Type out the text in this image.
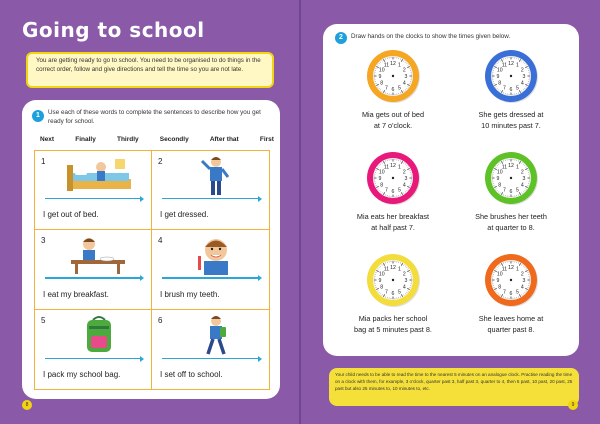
Going to school
You are getting ready to go to school. You need to be organised to do things in the correct order, follow and give directions and tell the time so you are not late.
1	Use each of these words to complete the sentences to describe how you get ready for school.
Next	Finally	Thirdly	Secondly	After that	First
1
I get out of bed.
2
I get dressed.
3
I eat my breakfast.
4
I brush my teeth.
5
I pack my school bag.
6
I set off to school.
8
2	Draw hands on the clocks to show the times given below.
1
2
3
4
5
6
7
8
9
10
11 12
Mia gets out of bed
at 7 o'clock.
1
2
3
4
5
6
7
8
9
10
11 12
She gets dressed at
10 minutes past 7.
1
2
3
4
5
6
7
8
9
10
11 12
Mia eats her breakfast
at half past 7.
1
2
3
4
5
6
7
8
9
10
11 12
She brushes her teeth
at quarter to 8.
1
2
3
4
5
6
7
8
9
10
11 12
Mia packs her school
bag at 5 minutes past 8.
1
2
3
4
5
6
7
8
9
10
11 12
She leaves home at
quarter past 8.
Your child needs to be able to read the time to the nearest 5 minutes on an analogue clock. Practise reading the time on a clock with them, for example, 3 o'clock, quarter past 3, half past 3, quarter to 4, then 5 past, 10 past, 20 past, 25 past but also 25 minutes to, 10 minutes to, etc.
9
